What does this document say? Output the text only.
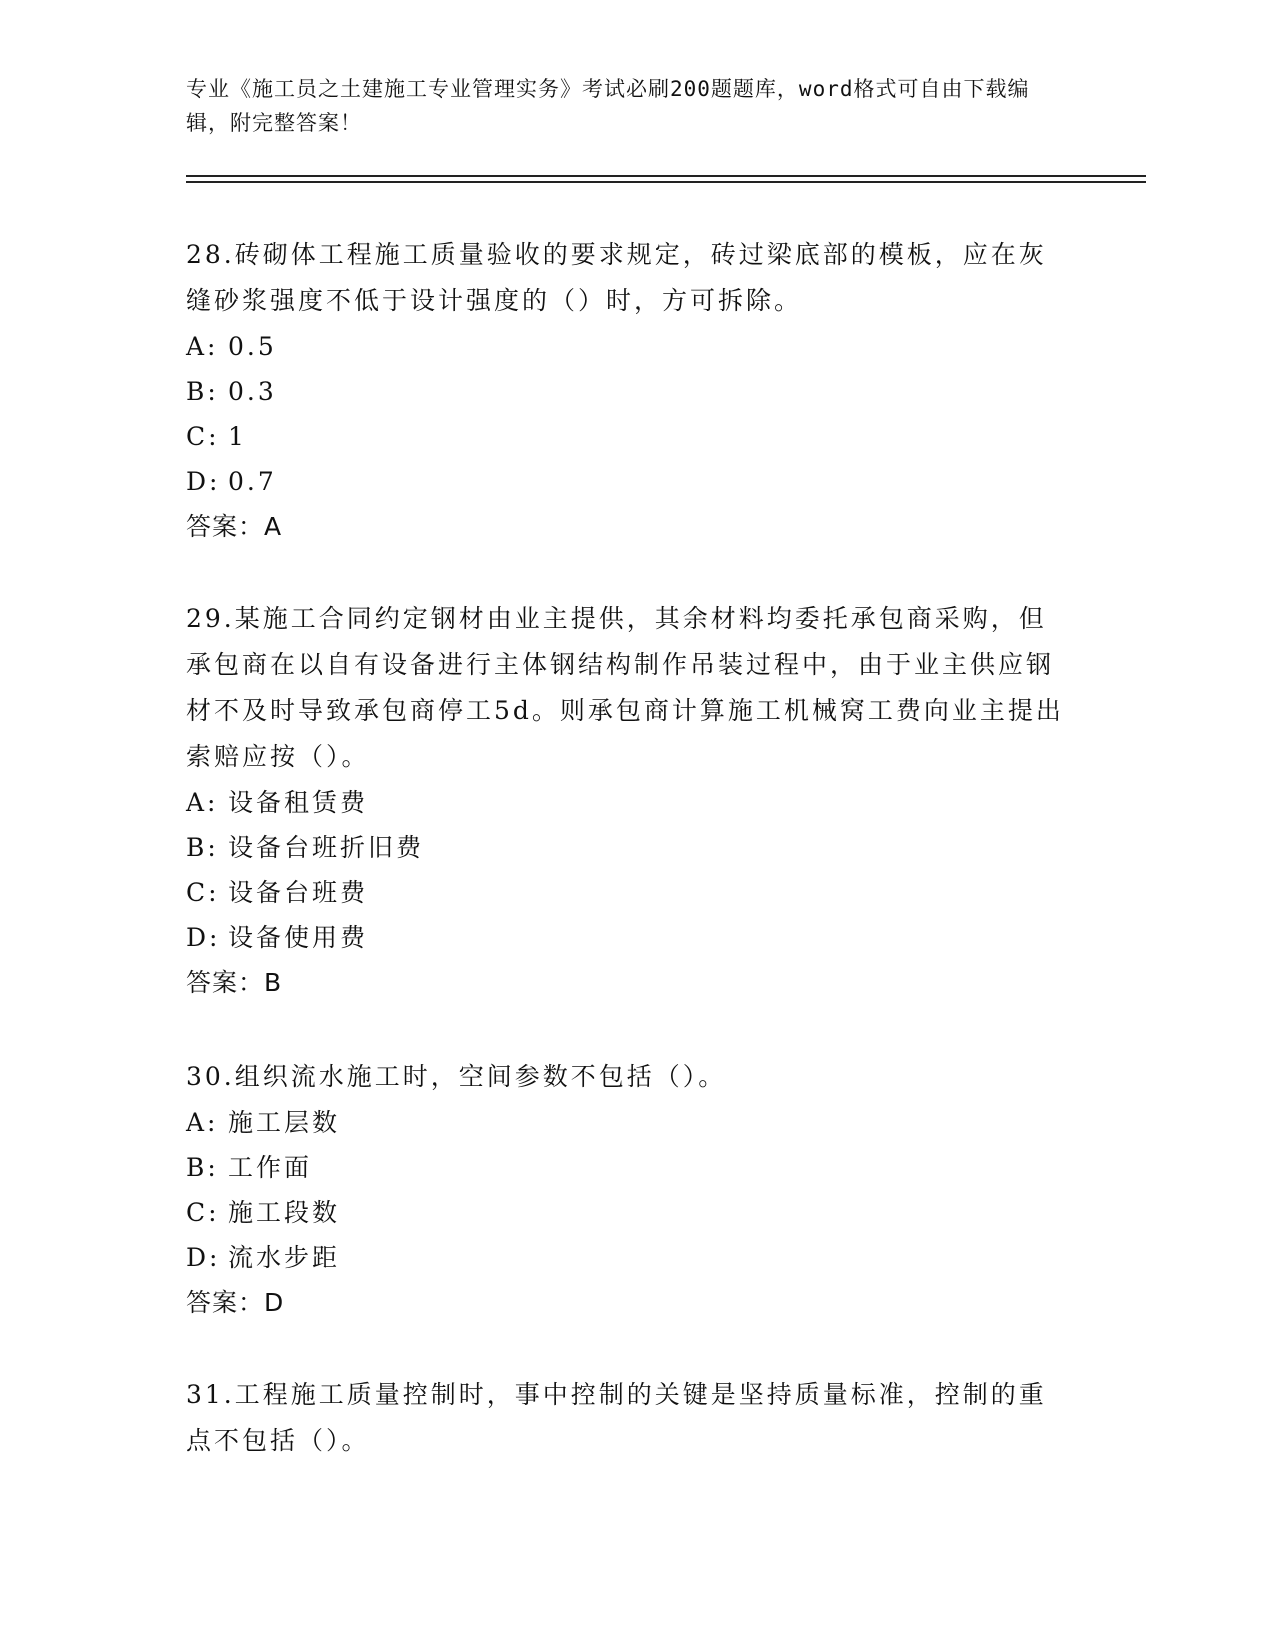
专业《施工员之土建施工专业管理实务》考试必刷200题题库，word格式可自由下载编辑，附完整答案！

28.砖砌体工程施工质量验收的要求规定，砖过梁底部的模板，应在灰缝砂浆强度不低于设计强度的（）时，方可拆除。

A: 0.5

B: 0.3

C: 1

D: 0.7

答案：A

29.某施工合同约定钢材由业主提供，其余材料均委托承包商采购，但承包商在以自有设备进行主体钢结构制作吊装过程中，由于业主供应钢材不及时导致承包商停工5d。则承包商计算施工机械窝工费向业主提出索赔应按（）。

A: 设备租赁费

B: 设备台班折旧费

C: 设备台班费

D: 设备使用费

答案：B

30.组织流水施工时，空间参数不包括（）。

A: 施工层数

B: 工作面

C: 施工段数

D: 流水步距

答案：D

31.工程施工质量控制时，事中控制的关键是坚持质量标准，控制的重点不包括（）。
